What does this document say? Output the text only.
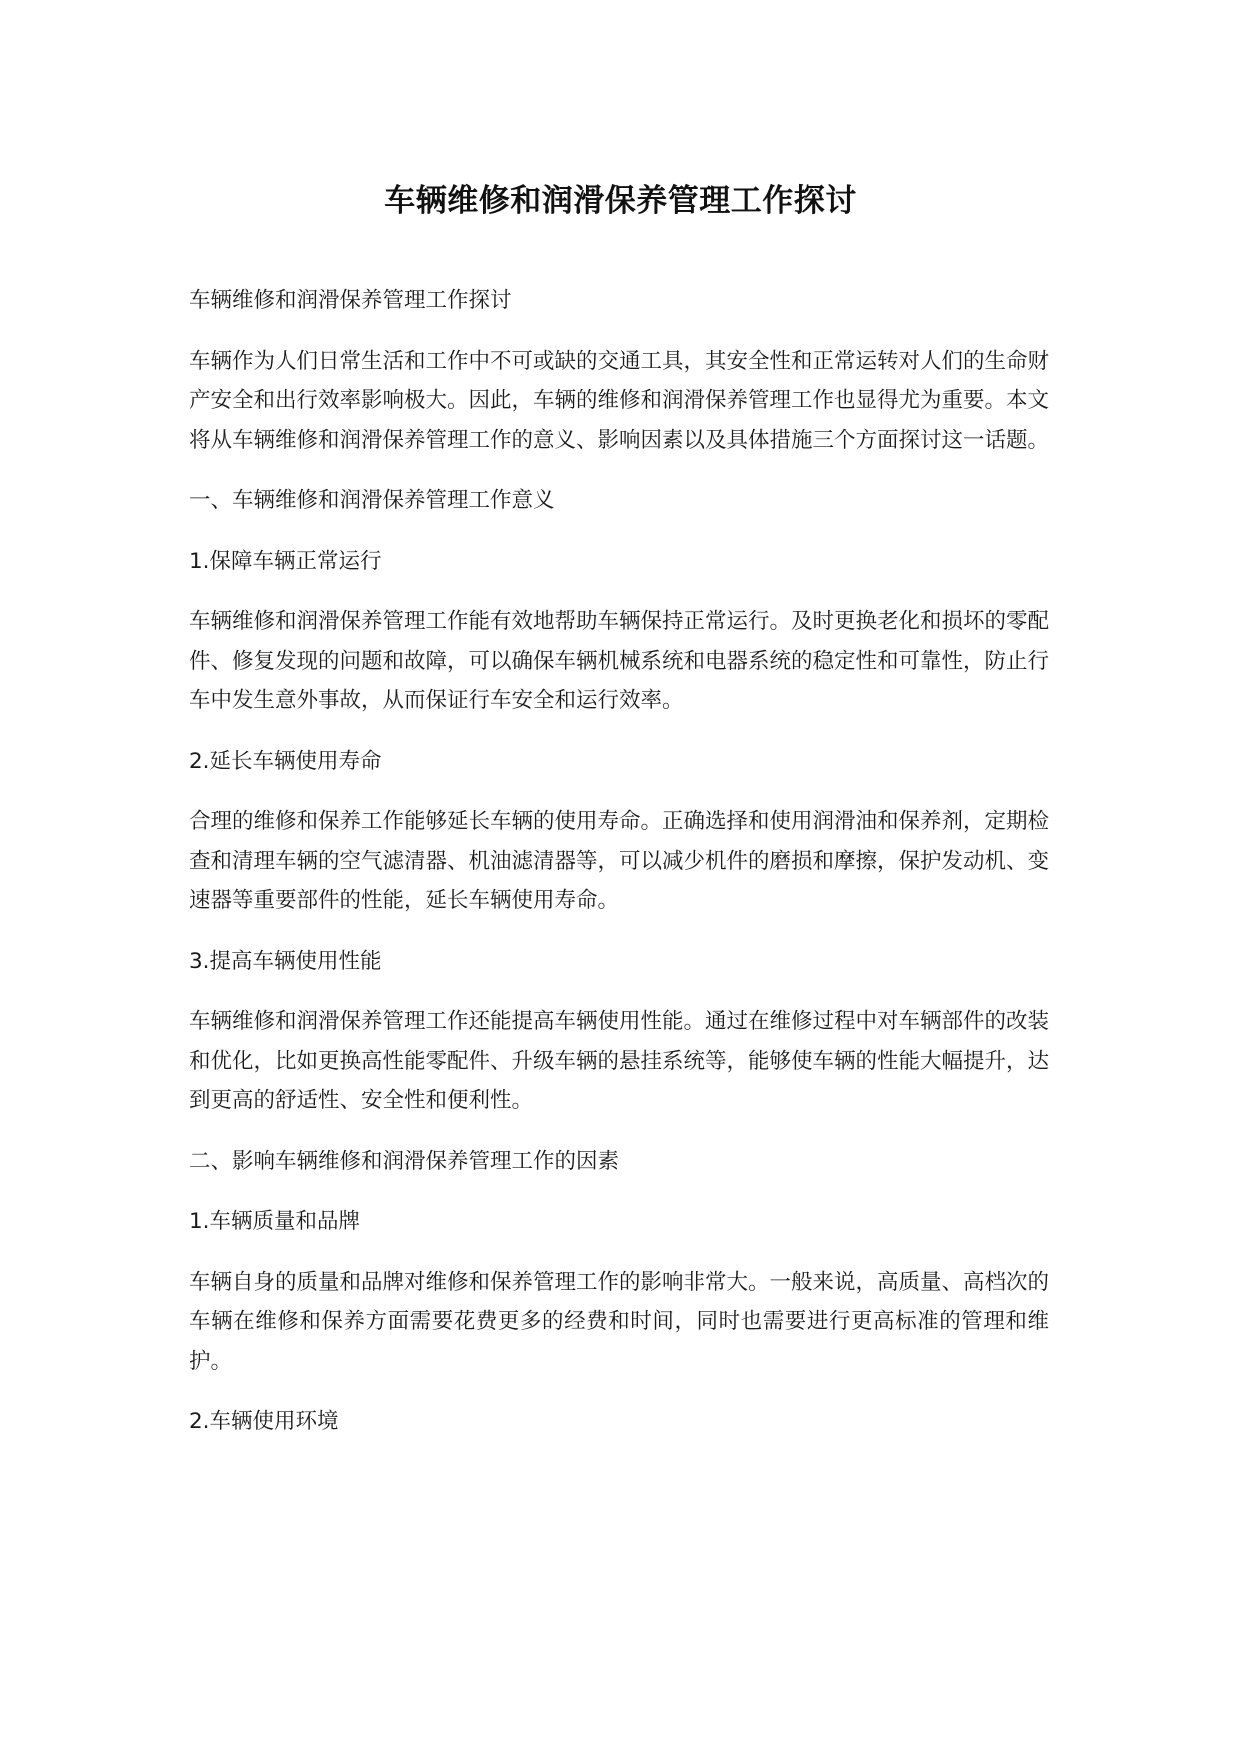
车辆维修和润滑保养管理工作探讨

车辆维修和润滑保养管理工作探讨

车辆作为人们日常生活和工作中不可或缺的交通工具，其安全性和正常运转对人们的生命财产安全和出行效率影响极大。因此，车辆的维修和润滑保养管理工作也显得尤为重要。本文将从车辆维修和润滑保养管理工作的意义、影响因素以及具体措施三个方面探讨这一话题。

一、车辆维修和润滑保养管理工作意义

1.保障车辆正常运行

车辆维修和润滑保养管理工作能有效地帮助车辆保持正常运行。及时更换老化和损坏的零配件、修复发现的问题和故障，可以确保车辆机械系统和电器系统的稳定性和可靠性，防止行车中发生意外事故，从而保证行车安全和运行效率。

2.延长车辆使用寿命

合理的维修和保养工作能够延长车辆的使用寿命。正确选择和使用润滑油和保养剂，定期检查和清理车辆的空气滤清器、机油滤清器等，可以减少机件的磨损和摩擦，保护发动机、变速器等重要部件的性能，延长车辆使用寿命。

3.提高车辆使用性能

车辆维修和润滑保养管理工作还能提高车辆使用性能。通过在维修过程中对车辆部件的改装和优化，比如更换高性能零配件、升级车辆的悬挂系统等，能够使车辆的性能大幅提升，达到更高的舒适性、安全性和便利性。

二、影响车辆维修和润滑保养管理工作的因素

1.车辆质量和品牌

车辆自身的质量和品牌对维修和保养管理工作的影响非常大。一般来说，高质量、高档次的车辆在维修和保养方面需要花费更多的经费和时间，同时也需要进行更高标准的管理和维护。

2.车辆使用环境
